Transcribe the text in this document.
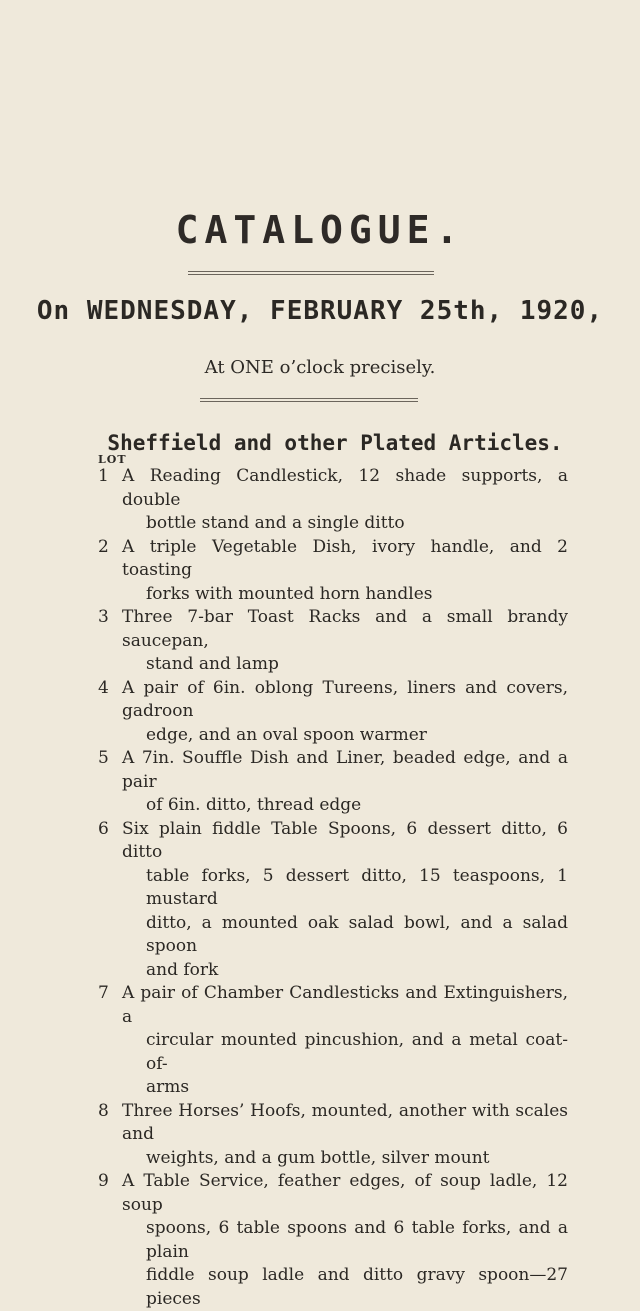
CATALOGUE.
On WEDNESDAY, FEBRUARY 25th, 1920,
At ONE o’clock precisely.
Sheffield and other Plated Articles.
LOT
1 A Reading Candlestick, 12 shade supports, a double
bottle stand and a single ditto
2 A triple Vegetable Dish, ivory handle, and 2 toasting
forks with mounted horn handles
3 Three 7-bar Toast Racks and a small brandy saucepan,
stand and lamp
4 A pair of 6in. oblong Tureens, liners and covers, gadroon
edge, and an oval spoon warmer
5 A 7in. Souffle Dish and Liner, beaded edge, and a pair
of 6in. ditto, thread edge
6 Six plain fiddle Table Spoons, 6 dessert ditto, 6 ditto
table forks, 5 dessert ditto, 15 teaspoons, 1 mustard
ditto, a mounted oak salad bowl, and a salad spoon
and fork
7 A pair of Chamber Candlesticks and Extinguishers, a
circular mounted pincushion, and a metal coat-of-
arms
8 Three Horses’ Hoofs, mounted, another with scales and
weights, and a gum bottle, silver mount
9 A Table Service, feather edges, of soup ladle, 12 soup
spoons, 6 table spoons and 6 table forks, and a plain
fiddle soup ladle and ditto gravy spoon—27 pieces
